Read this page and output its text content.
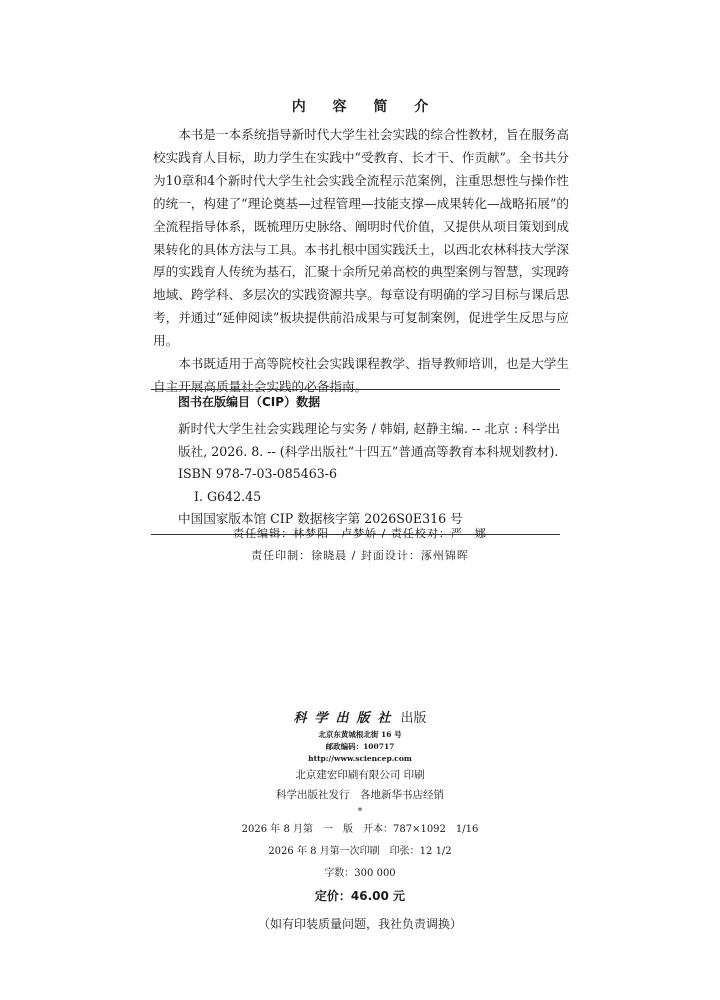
内 容 简 介

本书是一本系统指导新时代大学生社会实践的综合性教材，旨在服务高校实践育人目标，助力学生在实践中“受教育、长才干、作贡献”。全书共分为10章和4个新时代大学生社会实践全流程示范案例，注重思想性与操作性的统一，构建了“理论奠基—过程管理—技能支撑—成果转化—战略拓展”的全流程指导体系，既梳理历史脉络、阐明时代价值，又提供从项目策划到成果转化的具体方法与工具。本书扎根中国实践沃土，以西北农林科技大学深厚的实践育人传统为基石，汇聚十余所兄弟高校的典型案例与智慧，实现跨地域、跨学科、多层次的实践资源共享。每章设有明确的学习目标与课后思考，并通过“延伸阅读”板块提供前沿成果与可复制案例，促进学生反思与应用。

本书既适用于高等院校社会实践课程教学、指导教师培训，也是大学生自主开展高质量社会实践的必备指南。

图书在版编目（CIP）数据
新时代大学生社会实践理论与实务 / 韩娟, 赵静主编. -- 北京 : 科学出版社, 2026. 8. -- (科学出版社“十四五”普通高等教育本科规划教材).
ISBN 978-7-03-085463-6
Ⅰ. G642.45
中国国家版本馆 CIP 数据核字第 2026S0E316 号
责任编辑：林梦阳　卢梦娇 / 责任校对：严　娜
责任印制：徐晓晨 / 封面设计：涿州锦晖
科学出版社 出版
北京东黄城根北街 16 号
邮政编码：100717
http://www.sciencep.com
北京建宏印刷有限公司 印刷
科学出版社发行　各地新华书店经销
*
2026 年 8 月第　一　版　开本：787×1092　1/16
2026 年 8 月第一次印刷　印张：12 1/2
字数：300 000
定价：46.00 元
（如有印装质量问题，我社负责调换）
